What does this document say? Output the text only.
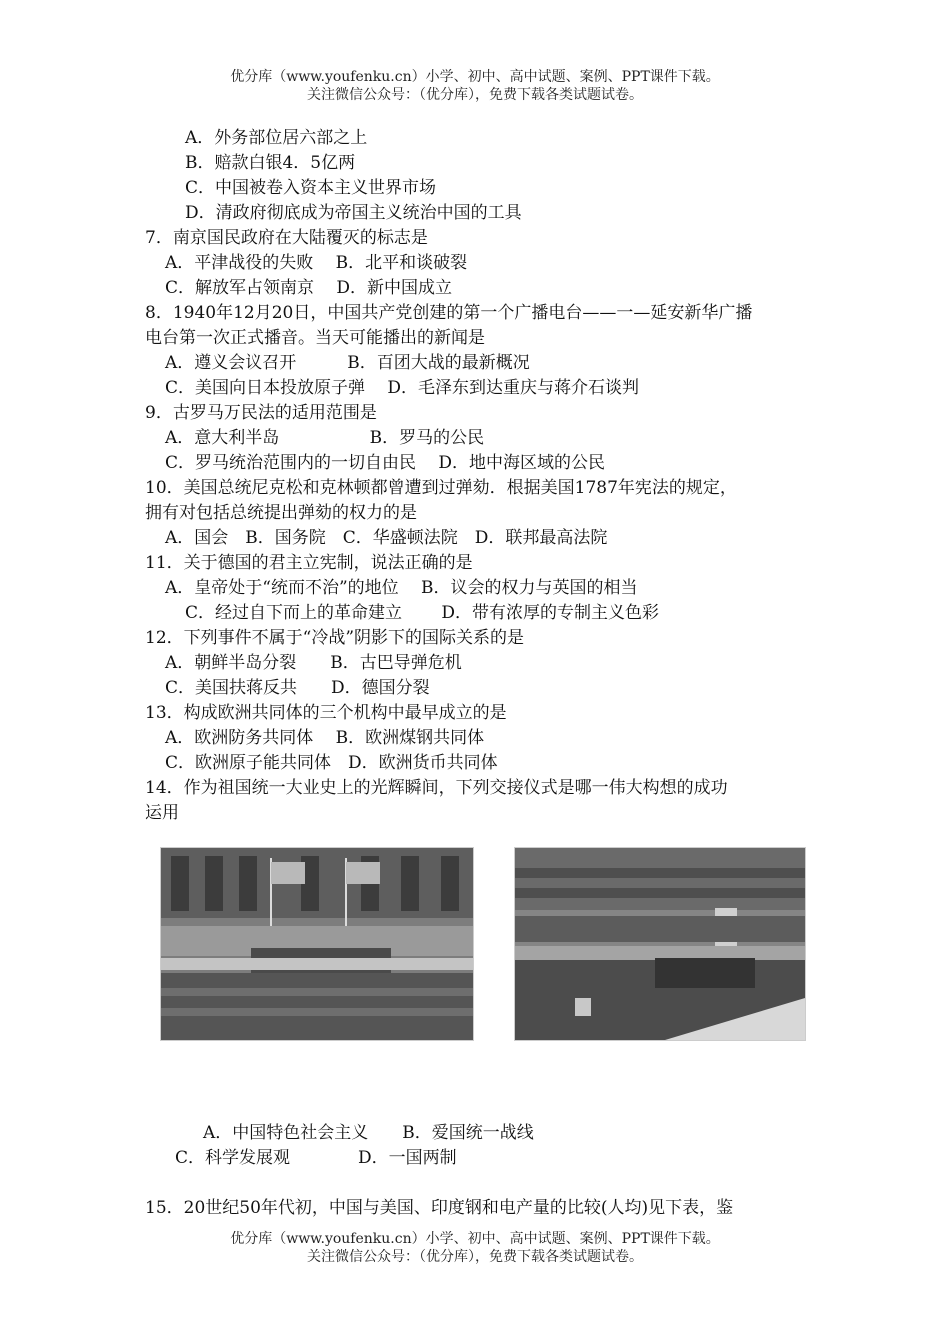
优分库（www.youfenku.cn）小学、初中、高中试题、案例、PPT课件下载。
关注微信公众号：（优分库），免费下载各类试题试卷。
A．外务部位居六部之上
B．赔款白银4．5亿两
C．中国被卷入资本主义世界市场
D．清政府彻底成为帝国主义统治中国的工具
7．南京国民政府在大陆覆灭的标志是
A．平津战役的失败　 B．北平和谈破裂
C．解放军占领南京　 D．新中国成立
8．1940年12月20日，中国共产党创建的第一个广播电台——一—延安新华广播
电台第一次正式播音。当天可能播出的新闻是
A．遵义会议召开　　　B．百团大战的最新概况
C．美国向日本投放原子弹　 D．毛泽东到达重庆与蒋介石谈判
9．古罗马万民法的适用范围是
A．意大利半岛　　　　　 B．罗马的公民
C．罗马统治范围内的一切自由民　 D．地中海区域的公民
10．美国总统尼克松和克林顿都曾遭到过弹劾．根据美国1787年宪法的规定，
拥有对包括总统提出弹劾的权力的是
A．国会　B．国务院　C．华盛顿法院　D．联邦最高法院
11．关于德国的君主立宪制，说法正确的是
A．皇帝处于“统而不治”的地位　 B．议会的权力与英国的相当
C．经过自下而上的革命建立　　 D．带有浓厚的专制主义色彩
12．下列事件不属于“冷战”阴影下的国际关系的是
A．朝鲜半岛分裂　　B．古巴导弹危机
C．美国扶蒋反共　　D．德国分裂
13．构成欧洲共同体的三个机构中最早成立的是
A．欧洲防务共同体　 B．欧洲煤钢共同体
C．欧洲原子能共同体　D．欧洲货币共同体
14．作为祖国统一大业史上的光辉瞬间，下列交接仪式是哪一伟大构想的成功
运用
A．中国特色社会主义　　B．爱国统一战线
C．科学发展观　　　　D．一国两制
15．20世纪50年代初，中国与美国、印度钢和电产量的比较(人均)见下表，鉴
优分库（www.youfenku.cn）小学、初中、高中试题、案例、PPT课件下载。
关注微信公众号：（优分库），免费下载各类试题试卷。
